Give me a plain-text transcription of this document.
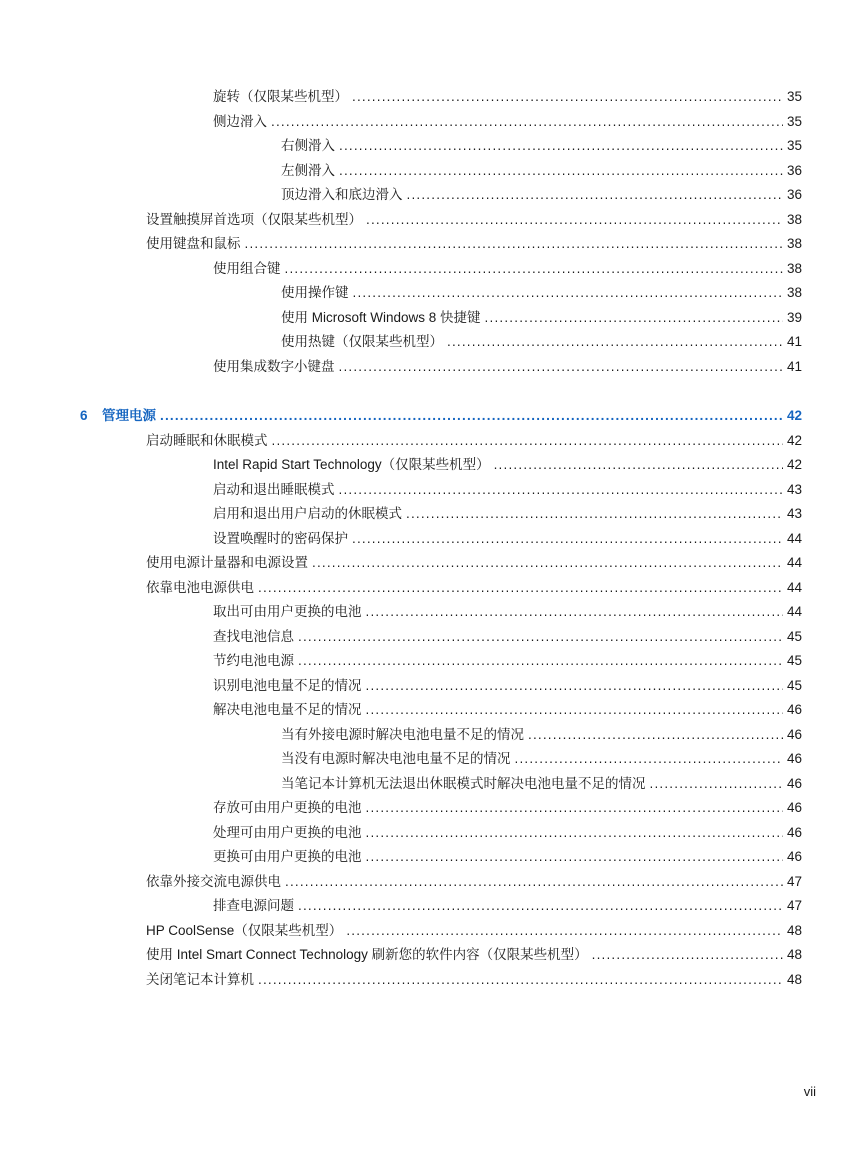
旋转（仅限某些机型） .....	35
侧边滑入 .....	35
右侧滑入 .....	35
左侧滑入 .....	36
顶边滑入和底边滑入 .....	36
设置触摸屏首选项（仅限某些机型） .....	38
使用键盘和鼠标 .....	38
使用组合键 .....	38
使用操作键 .....	38
使用 Microsoft Windows 8 快捷键 .....	39
使用热键（仅限某些机型） .....	41
使用集成数字小键盘 .....	41
6 管理电源 .....	42
启动睡眠和休眠模式 .....	42
Intel Rapid Start Technology（仅限某些机型） .....	42
启动和退出睡眠模式 .....	43
启用和退出用户启动的休眠模式 .....	43
设置唤醒时的密码保护 .....	44
使用电源计量器和电源设置 .....	44
依靠电池电源供电 .....	44
取出可由用户更换的电池 .....	44
查找电池信息 .....	45
节约电池电源 .....	45
识别电池电量不足的情况 .....	45
解决电池电量不足的情况 .....	46
当有外接电源时解决电池电量不足的情况 .....	46
当没有电源时解决电池电量不足的情况 .....	46
当笔记本计算机无法退出休眠模式时解决电池电量不足的情况 .....	46
存放可由用户更换的电池 .....	46
处理可由用户更换的电池 .....	46
更换可由用户更换的电池 .....	46
依靠外接交流电源供电 .....	47
排查电源问题 .....	47
HP CoolSense（仅限某些机型） .....	48
使用 Intel Smart Connect Technology 刷新您的软件内容（仅限某些机型） .....	48
关闭笔记本计算机 .....	48
vii
